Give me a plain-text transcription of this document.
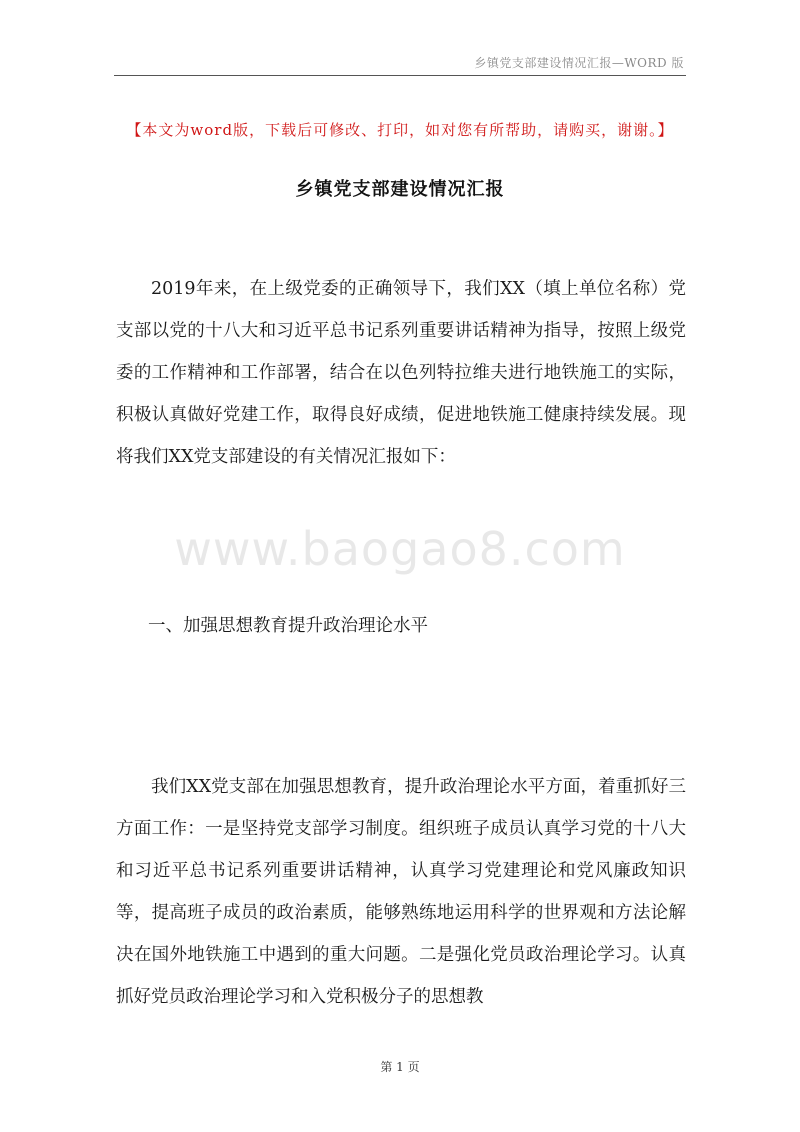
乡镇党支部建设情况汇报—WORD 版
【本文为word版，下载后可修改、打印，如对您有所帮助，请购买，谢谢。】
乡镇党支部建设情况汇报

2019年来，在上级党委的正确领导下，我们XX（填上单位名称）党支部以党的十八大和习近平总书记系列重要讲话精神为指导，按照上级党委的工作精神和工作部署，结合在以色列特拉维夫进行地铁施工的实际，积极认真做好党建工作，取得良好成绩，促进地铁施工健康持续发展。现将我们XX党支部建设的有关情况汇报如下：

www.baogao8.com
一、加强思想教育提升政治理论水平

我们XX党支部在加强思想教育，提升政治理论水平方面，着重抓好三方面工作：一是坚持党支部学习制度。组织班子成员认真学习党的十八大和习近平总书记系列重要讲话精神，认真学习党建理论和党风廉政知识等，提高班子成员的政治素质，能够熟练地运用科学的世界观和方法论解决在国外地铁施工中遇到的重大问题。二是强化党员政治理论学习。认真抓好党员政治理论学习和入党积极分子的思想教

第 1 页
